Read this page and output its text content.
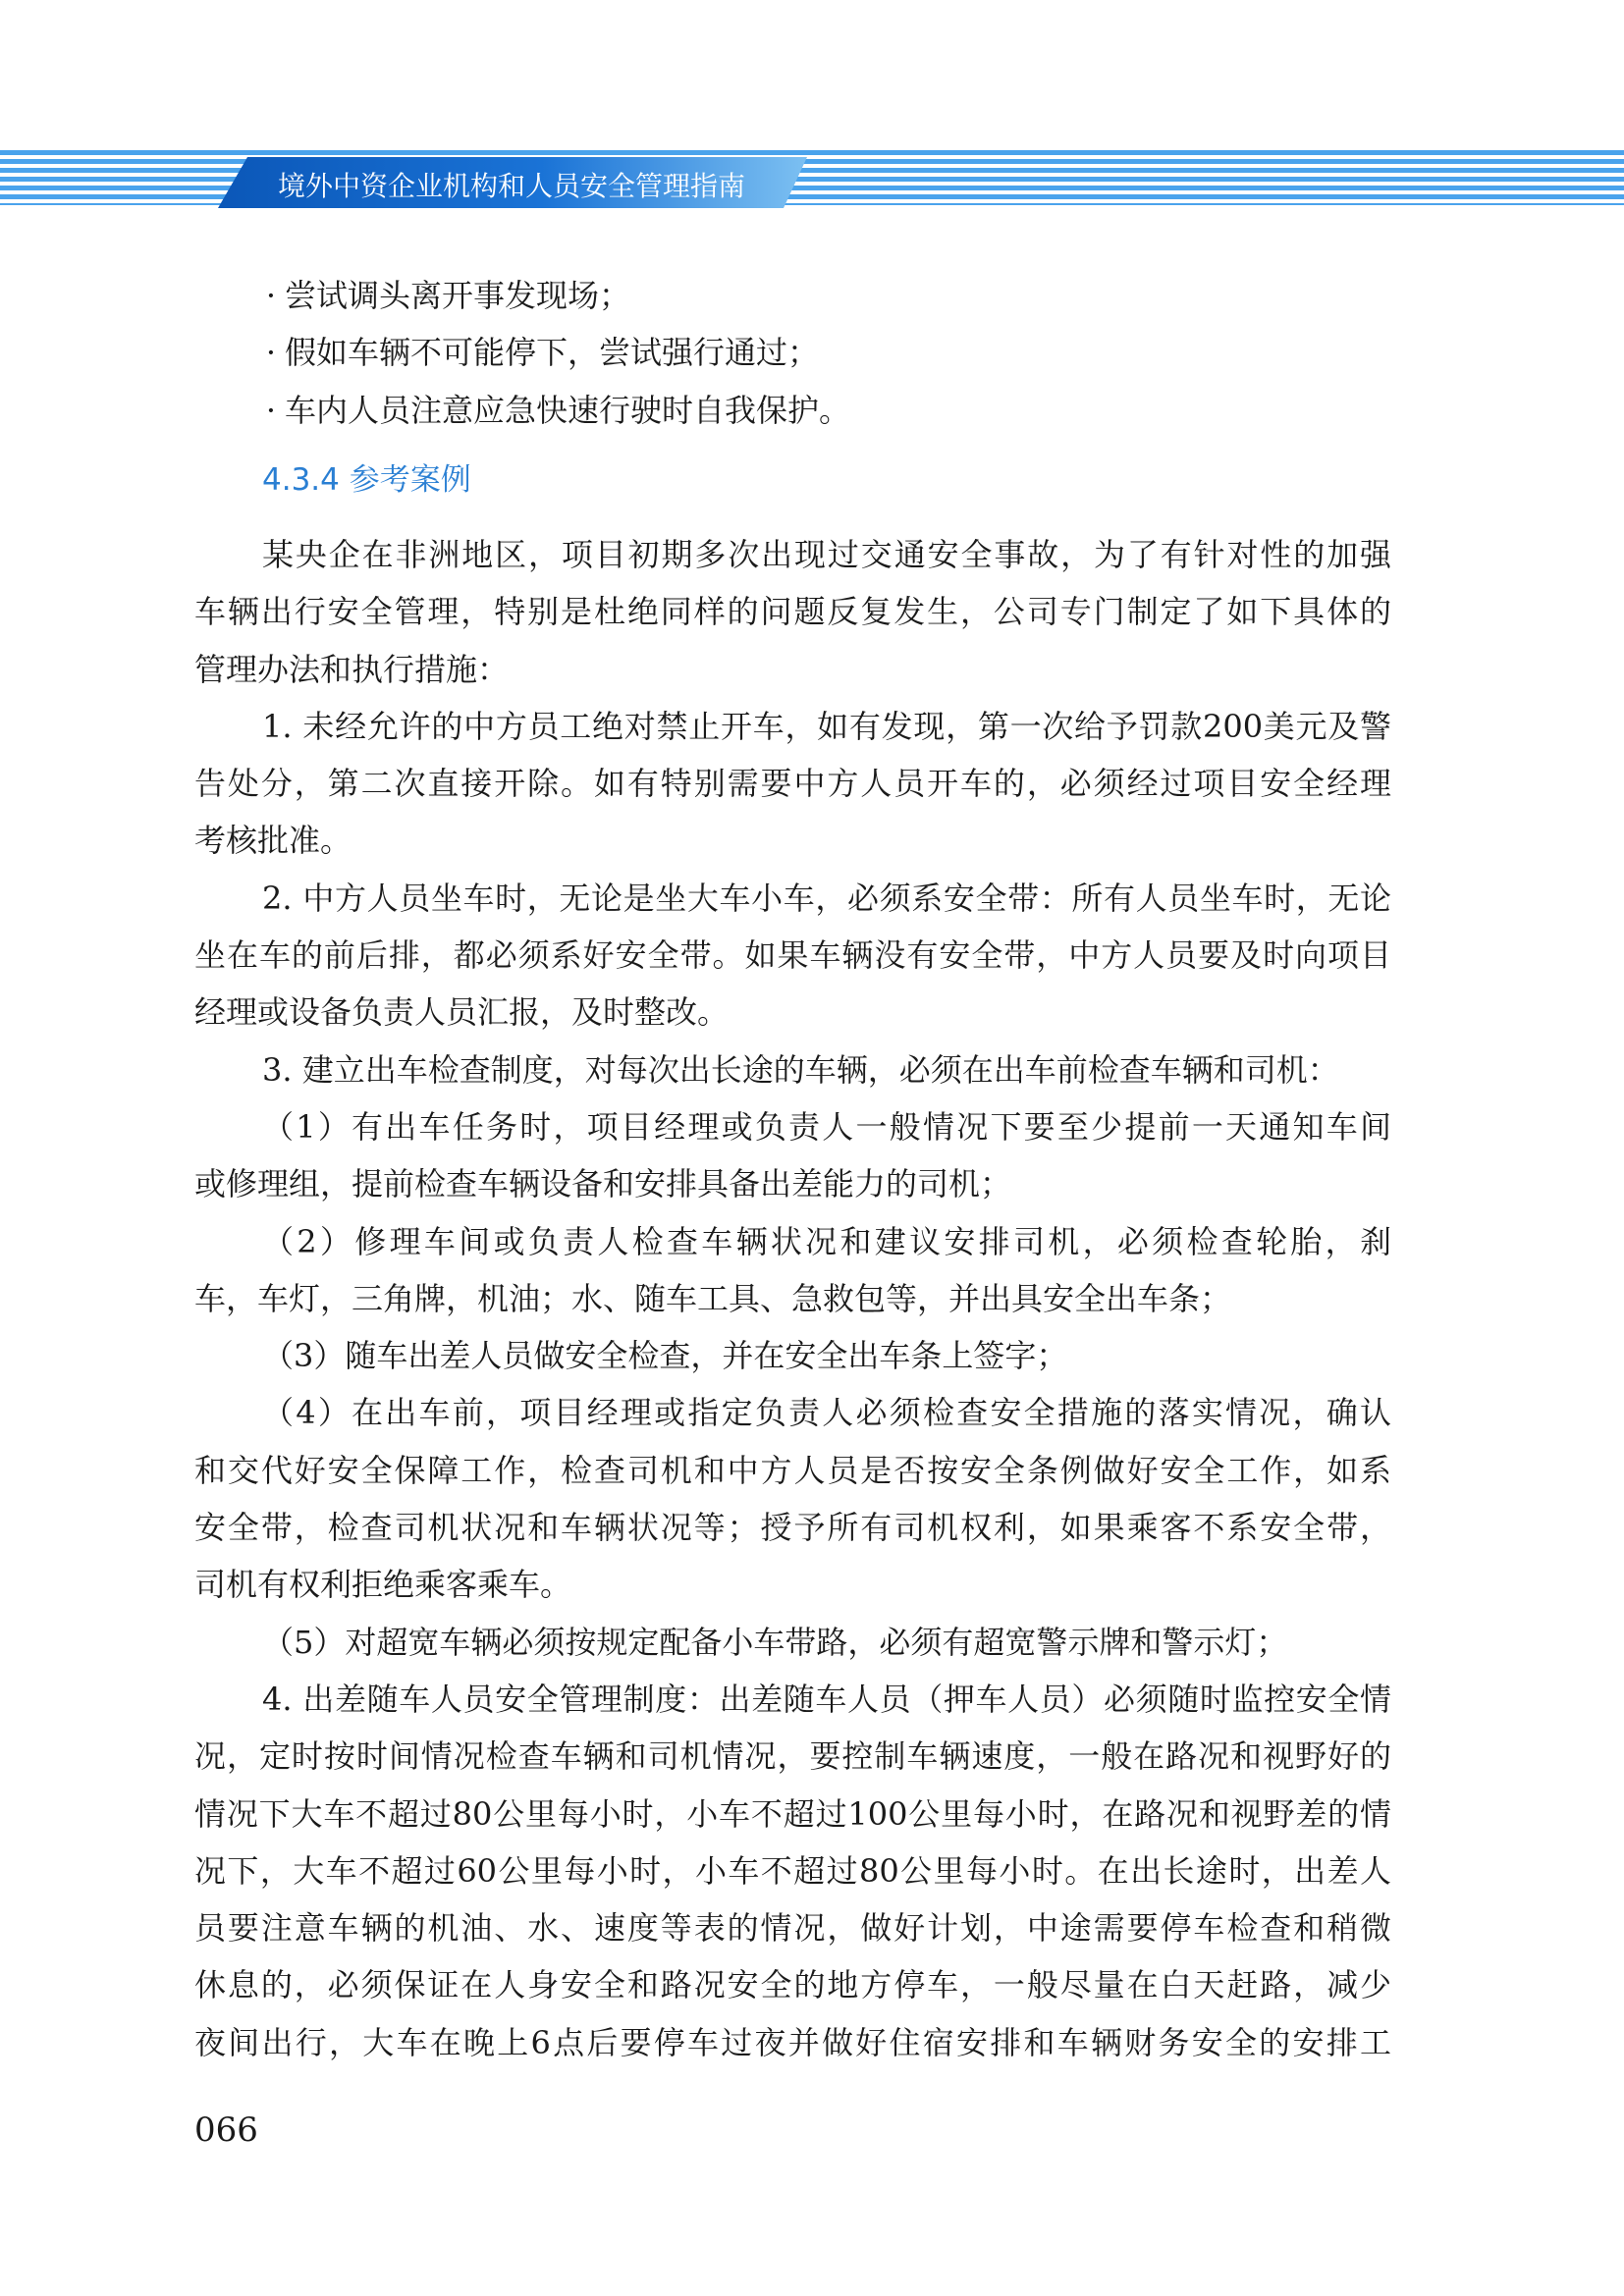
境外中资企业机构和人员安全管理指南
· 尝试调头离开事发现场；
· 假如车辆不可能停下，尝试强行通过；
· 车内人员注意应急快速行驶时自我保护。
4.3.4 参考案例
某央企在非洲地区，项目初期多次出现过交通安全事故，为了有针对性的加强
车辆出行安全管理，特别是杜绝同样的问题反复发生，公司专门制定了如下具体的
管理办法和执行措施：
1. 未经允许的中方员工绝对禁止开车，如有发现，第一次给予罚款200美元及警
告处分，第二次直接开除。如有特别需要中方人员开车的，必须经过项目安全经理
考核批准。
2. 中方人员坐车时，无论是坐大车小车，必须系安全带：所有人员坐车时，无论
坐在车的前后排，都必须系好安全带。如果车辆没有安全带，中方人员要及时向项目
经理或设备负责人员汇报，及时整改。
3. 建立出车检查制度，对每次出长途的车辆，必须在出车前检查车辆和司机：
（1）有出车任务时，项目经理或负责人一般情况下要至少提前一天通知车间
或修理组，提前检查车辆设备和安排具备出差能力的司机；
（2）修理车间或负责人检查车辆状况和建议安排司机，必须检查轮胎，刹
车，车灯，三角牌，机油；水、随车工具、急救包等，并出具安全出车条；
（3）随车出差人员做安全检查，并在安全出车条上签字；
（4）在出车前，项目经理或指定负责人必须检查安全措施的落实情况，确认
和交代好安全保障工作，检查司机和中方人员是否按安全条例做好安全工作，如系
安全带，检查司机状况和车辆状况等；授予所有司机权利，如果乘客不系安全带，
司机有权利拒绝乘客乘车。
（5）对超宽车辆必须按规定配备小车带路，必须有超宽警示牌和警示灯；
4. 出差随车人员安全管理制度：出差随车人员（押车人员）必须随时监控安全情
况，定时按时间情况检查车辆和司机情况，要控制车辆速度，一般在路况和视野好的
情况下大车不超过80公里每小时，小车不超过100公里每小时，在路况和视野差的情
况下，大车不超过60公里每小时，小车不超过80公里每小时。在出长途时，出差人
员要注意车辆的机油、水、速度等表的情况，做好计划，中途需要停车检查和稍微
休息的，必须保证在人身安全和路况安全的地方停车，一般尽量在白天赶路，减少
夜间出行，大车在晚上6点后要停车过夜并做好住宿安排和车辆财务安全的安排工
066
